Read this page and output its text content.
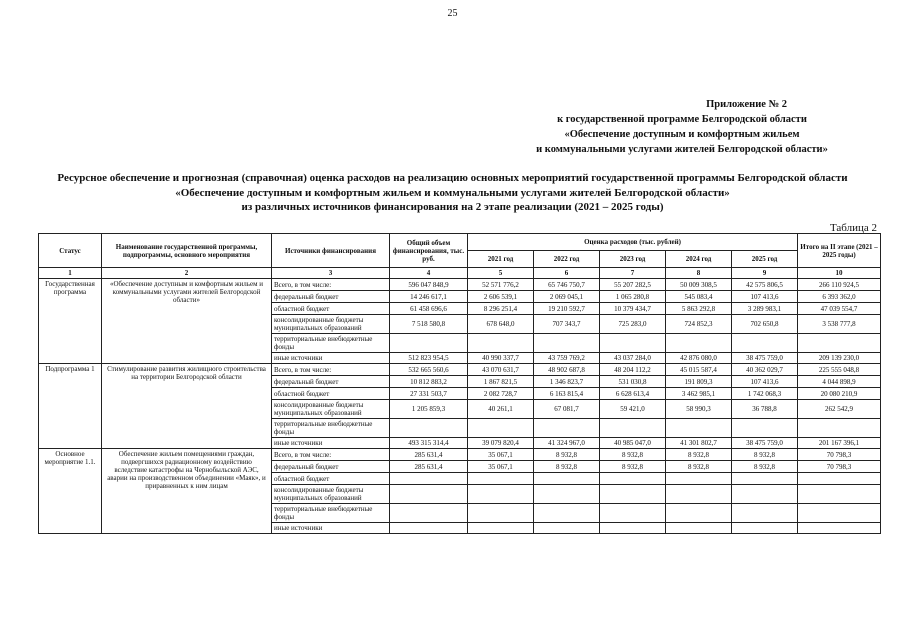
25
Приложение № 2
к государственной программе Белгородской области
«Обеспечение доступным и комфортным жильем
и коммунальными услугами жителей Белгородской области»
Ресурсное обеспечение и прогнозная (справочная) оценка расходов на реализацию основных мероприятий государственной программы Белгородской области
«Обеспечение доступным и комфортным жильем и коммунальными услугами жителей Белгородской области»
из различных источников финансирования на 2 этапе реализации (2021 – 2025 годы)
Таблица 2
Статус	Наименование государственной программы, подпрограммы, основного мероприятия	Источники финансирования	Общий объем финансирования, тыс. руб.	Оценка расходов (тыс. рублей)					Итого на II этапе (2021 – 2025 годы)
				2021 год	2022 год	2023 год	2024 год	2025 год	
1	2	3	4	5	6	7	8	9	10
Государственная программа	«Обеспечение доступным и комфортным жильем и коммунальными услугами жителей Белгородской области»	Всего, в том числе:	596 047 848,9	52 571 776,2	65 746 750,7	55 207 282,5	50 009 308,5	42 575 806,5	266 110 924,5
		федеральный бюджет	14 246 617,1	2 606 539,1	2 069 045,1	1 065 280,8	545 083,4	107 413,6	6 393 362,0
		областной бюджет	61 458 696,6	8 296 251,4	19 210 592,7	10 379 434,7	5 863 292,8	3 289 983,1	47 039 554,7
		консолидированные бюджеты муниципальных образований	7 518 580,8	678 648,0	707 343,7	725 283,0	724 852,3	702 650,8	3 538 777,8
		территориальные внебюджетные фонды							
		иные источники	512 823 954,5	40 990 337,7	43 759 769,2	43 037 284,0	42 876 080,0	38 475 759,0	209 139 230,0
Подпрограмма 1	Стимулирование развития жилищного строительства на территории Белгородской области	Всего, в том числе:	532 665 560,6	43 070 631,7	48 902 687,8	48 204 112,2	45 015 587,4	40 362 029,7	225 555 048,8
		федеральный бюджет	10 812 883,2	1 867 821,5	1 346 823,7	531 030,8	191 809,3	107 413,6	4 044 898,9
		областной бюджет	27 331 503,7	2 082 728,7	6 163 815,4	6 628 613,4	3 462 985,1	1 742 068,3	20 080 210,9
		консолидированные бюджеты муниципальных образований	1 205 859,3	40 261,1	67 081,7	59 421,0	58 990,3	36 788,8	262 542,9
		территориальные внебюджетные фонды							
		иные источники	493 315 314,4	39 079 820,4	41 324 967,0	40 985 047,0	41 301 802,7	38 475 759,0	201 167 396,1
Основное мероприятие 1.1.	Обеспечение жильем помещениями граждан, подвергшихся радиационному воздействию вследствие катастрофы на Чернобыльской АЭС, аварии на производственном объединении «Маяк», и приравненных к ним лицам	Всего, в том числе:	285 631,4	35 067,1	8 932,8	8 932,8	8 932,8	8 932,8	70 798,3
		федеральный бюджет	285 631,4	35 067,1	8 932,8	8 932,8	8 932,8	8 932,8	70 798,3
		областной бюджет							
		консолидированные бюджеты муниципальных образований							
		территориальные внебюджетные фонды							
		иные источники							
